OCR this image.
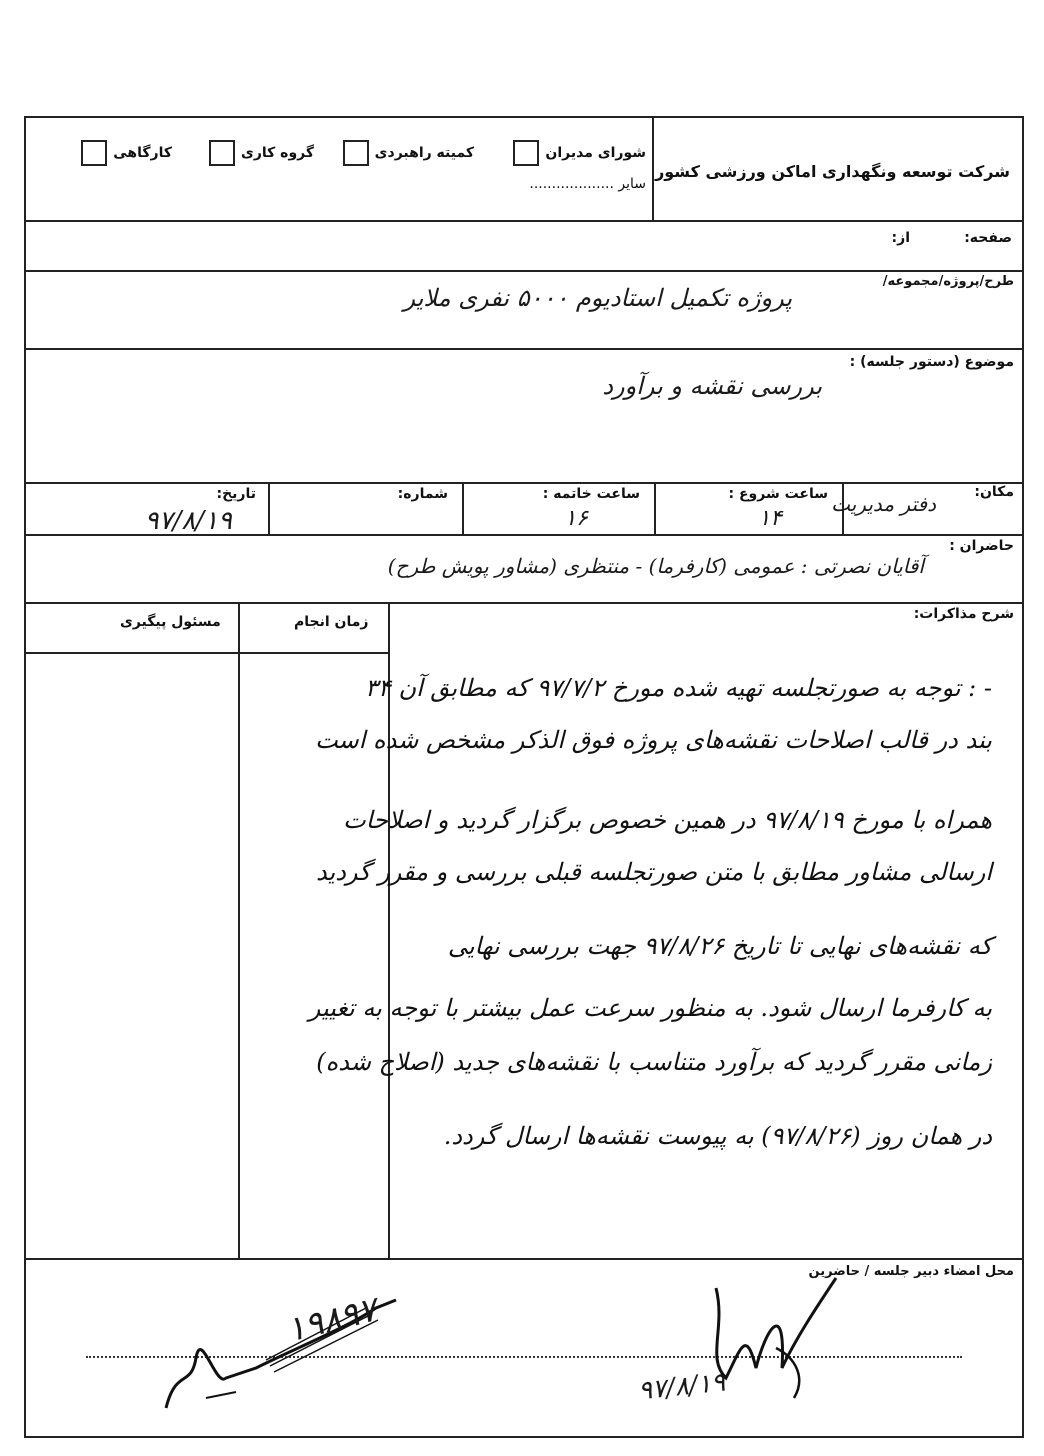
شرکت توسعه ونگهداری اماکن ورزشی کشور
شورای مدیران
کمیته راهبردی
گروه کاری
کارگاهی
سایر ...................
صفحه:
از:
طرح/پروژه/مجموعه/
پروژه تکمیل استادیوم ۵۰۰۰ نفری ملایر
موضوع (دستور جلسه) :
بررسی نقشه و برآورد
مکان:
دفتر مدیریت
ساعت شروع :
۱۴
ساعت خاتمه :
۱۶
شماره:
تاریخ:
۹۷/۸/۱۹
حاضران :
آقایان نصرتی : عمومی (کارفرما) - منتظری (مشاور پویش طرح)
شرح مذاکرات:
زمان انجام
مسئول پیگیری
- : توجه به صورتجلسه تهیه شده مورخ ۹۷/۷/۲ که مطابق آن ۳۴
بند در قالب اصلاحات نقشه‌های پروژه فوق الذکر مشخص شده است
همراه با مورخ ۹۷/۸/۱۹ در همین خصوص برگزار گردید و اصلاحات
ارسالی مشاور مطابق با متن صورتجلسه قبلی بررسی و مقرر گردید
که نقشه‌های نهایی تا تاریخ ۹۷/۸/۲۶ جهت بررسی نهایی
به کارفرما ارسال شود. به منظور سرعت عمل بیشتر با توجه به تغییر
زمانی مقرر گردید که برآورد متناسب با نقشه‌های جدید (اصلاح شده)
در همان روز (۹۷/۸/۲۶) به پیوست نقشه‌ها ارسال گردد.
محل امضاء دبیر جلسه / حاضرین
۱۹۸۹۷
۹۷/۸/۱۹
